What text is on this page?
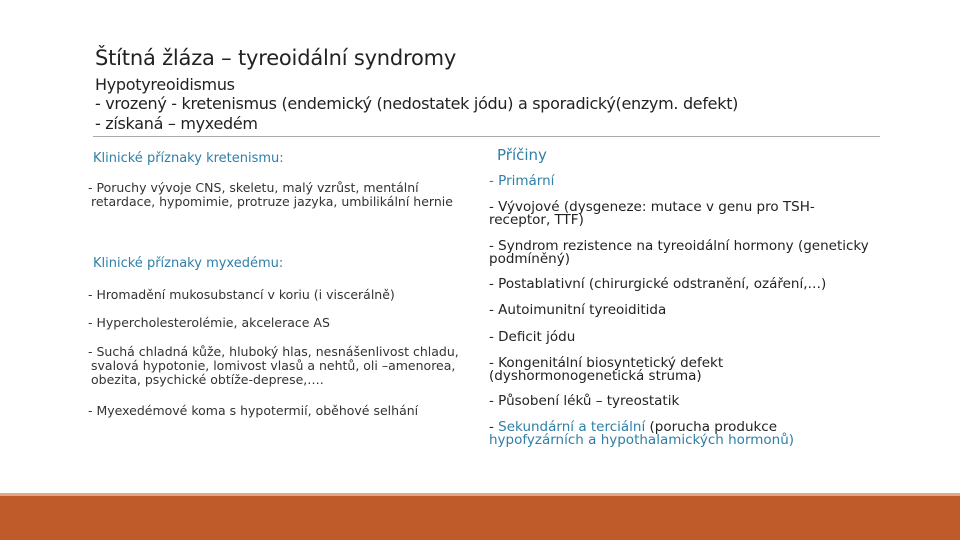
Štítná žláza – tyreoidální syndromy
Hypotyreoidismus
- vrozený - kretenismus (endemický (nedostatek jódu) a sporadický(enzym. defekt)
- získaná – myxedém
Klinické příznaky kretenismu:
- Poruchy vývoje CNS, skeletu, malý vzrůst, mentální
retardace, hypomimie, protruze jazyka, umbilikální hernie
Klinické příznaky myxedému:
- Hromadění mukosubstancí v koriu (i viscerálně)
- Hypercholesterolémie, akcelerace AS
- Suchá chladná kůže, hluboký hlas, nesnášenlivost chladu,
svalová hypotonie, lomivost vlasů a nehtů, oli –amenorea,
obezita, psychické obtíže-deprese,….
- Myexedémové koma s hypotermií, oběhové selhání
Příčiny
- Primární
- Vývojové (dysgeneze: mutace v genu pro TSH-
receptor, TTF)
- Syndrom rezistence na tyreoidální hormony (geneticky
podmíněný)
- Postablativní (chirurgické odstranění, ozáření,…)
- Autoimunitní tyreoiditida
- Deficit jódu
- Kongenitální biosyntetický defekt
(dyshormonogenetická struma)
- Působení léků – tyreostatik
- Sekundární a terciální (porucha produkce
hypofyzárních a hypothalamických hormonů)
